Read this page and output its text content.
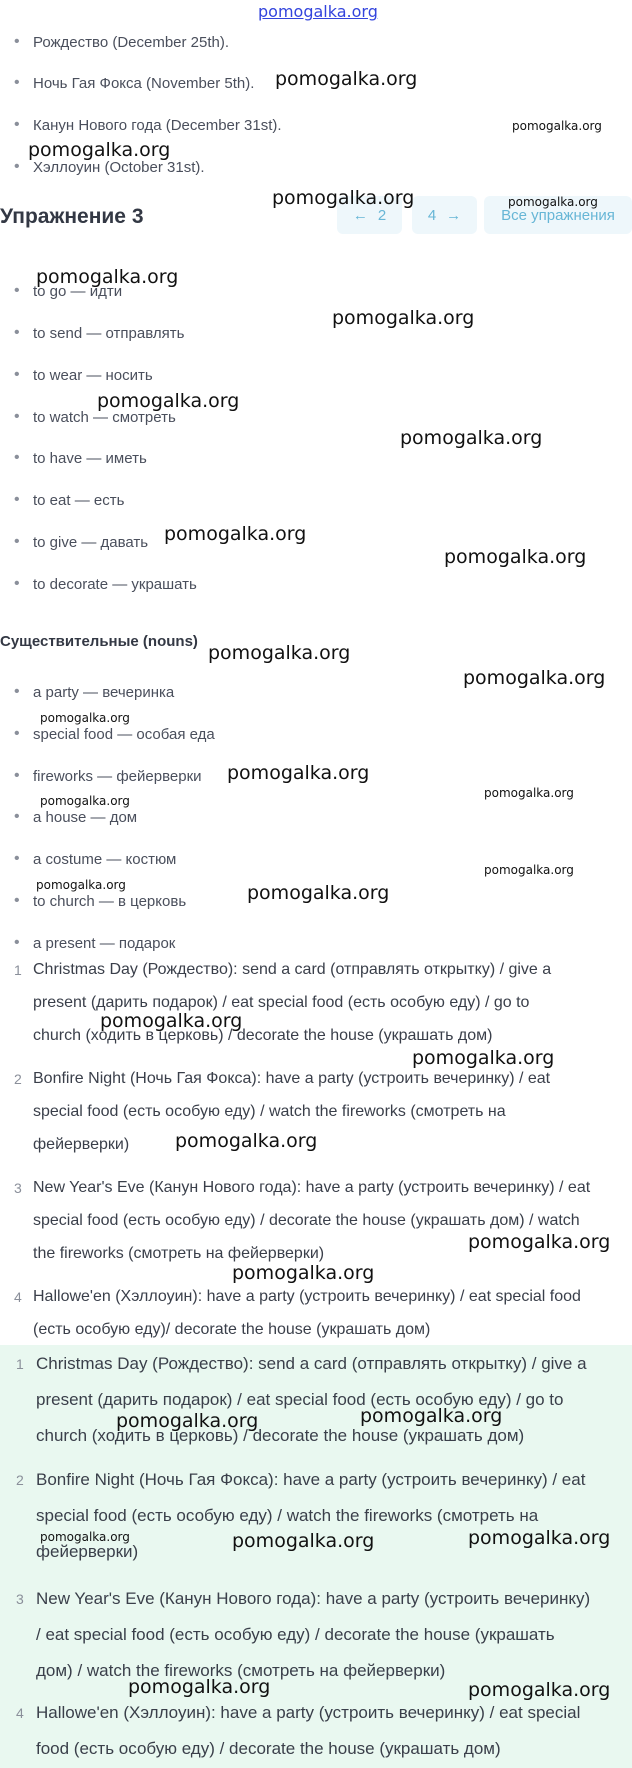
pomogalka.org
• Рождество (December 25th).
• Ночь Гая Фокса (November 5th).
• Канун Нового года (December 31st).
• Хэллоуин (October 31st).
Упражнение 3	← 2	4 →	Все упражнения
• to go — идти
• to send — отправлять
• to wear — носить
• to watch — смотреть
• to have — иметь
• to eat — есть
• to give — давать
• to decorate — украшать
Существительные (nouns)
• a party — вечеринка
• special food — особая еда
• fireworks — фейерверки
• a house — дом
• a costume — костюм
• to church — в церковь
• a present — подарок
1 Christmas Day (Рождество): send a card (отправлять открытку) / give a
present (дарить подарок) / eat special food (есть особую еду) / go to
church (ходить в церковь) / decorate the house (украшать дом)
2 Bonfire Night (Ночь Гая Фокса): have a party (устроить вечеринку) / eat
special food (есть особую еду) / watch the fireworks (смотреть на
фейерверки)
3 New Year's Eve (Канун Нового года): have a party (устроить вечеринку) / eat
special food (есть особую еду) / decorate the house (украшать дом) / watch
the fireworks (смотреть на фейерверки)
4 Hallowe'en (Хэллоуин): have a party (устроить вечеринку) / eat special food
(есть особую еду)/ decorate the house (украшать дом)
1 Christmas Day (Рождество): send a card (отправлять открытку) / give a
present (дарить подарок) / eat special food (есть особую еду) / go to
church (ходить в церковь) / decorate the house (украшать дом)
2 Bonfire Night (Ночь Гая Фокса): have a party (устроить вечеринку) / eat
special food (есть особую еду) / watch the fireworks (смотреть на
фейерверки)
3 New Year's Eve (Канун Нового года): have a party (устроить вечеринку)
/ eat special food (есть особую еду) / decorate the house (украшать
дом) / watch the fireworks (смотреть на фейерверки)
4 Hallowe'en (Хэллоуин): have a party (устроить вечеринку) / eat special
food (есть особую еду) / decorate the house (украшать дом)
pomogalka.org
pomogalka.org
pomogalka.org
pomogalka.org	pomogalka.org
pomogalka.org
pomogalka.org
pomogalka.org
pomogalka.org
pomogalka.org
pomogalka.org
pomogalka.org
pomogalka.org
pomogalka.org
pomogalka.org
pomogalka.org
pomogalka.org
pomogalka.org
pomogalka.org
pomogalka.org
pomogalka.org
pomogalka.org
pomogalka.org
pomogalka.org
pomogalka.org
pomogalka.org	pomogalka.org
pomogalka.org	pomogalka.org	pomogalka.org
pomogalka.org	pomogalka.org
